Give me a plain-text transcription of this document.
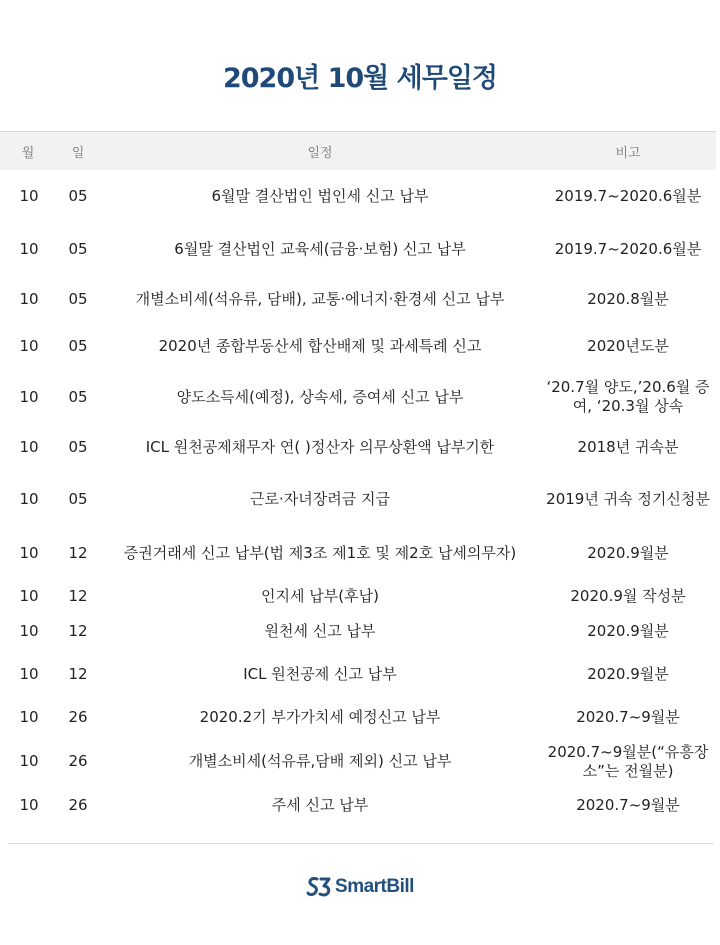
2020년 10월 세무일정
월	일	일정	비고
10	05	6월말 결산법인 법인세 신고 납부	2019.7~2020.6월분
10	05	6월말 결산법인 교육세(금융·보험) 신고 납부	2019.7~2020.6월분
10	05	개별소비세(석유류, 담배), 교통·에너지·환경세 신고 납부	2020.8월분
10	05	2020년 종합부동산세 합산배제 및 과세특례 신고	2020년도분
10	05	양도소득세(예정), 상속세, 증여세 신고 납부	‘20.7월 양도,’20.6월 증여, ‘20.3월 상속
10	05	ICL 원천공제채무자 연( )정산자 의무상환액 납부기한	2018년 귀속분
10	05	근로·자녀장려금 지급	2019년 귀속 정기신청분
10	12	증권거래세 신고 납부(법 제3조 제1호 및 제2호 납세의무자)	2020.9월분
10	12	인지세 납부(후납)	2020.9월 작성분
10	12	원천세 신고 납부	2020.9월분
10	12	ICL 원천공제 신고 납부	2020.9월분
10	26	2020.2기 부가가치세 예정신고 납부	2020.7~9월분
10	26	개별소비세(석유류,담배 제외) 신고 납부	2020.7~9월분(“유흥장소”는 전월분)
10	26	주세 신고 납부	2020.7~9월분
SmartBill
